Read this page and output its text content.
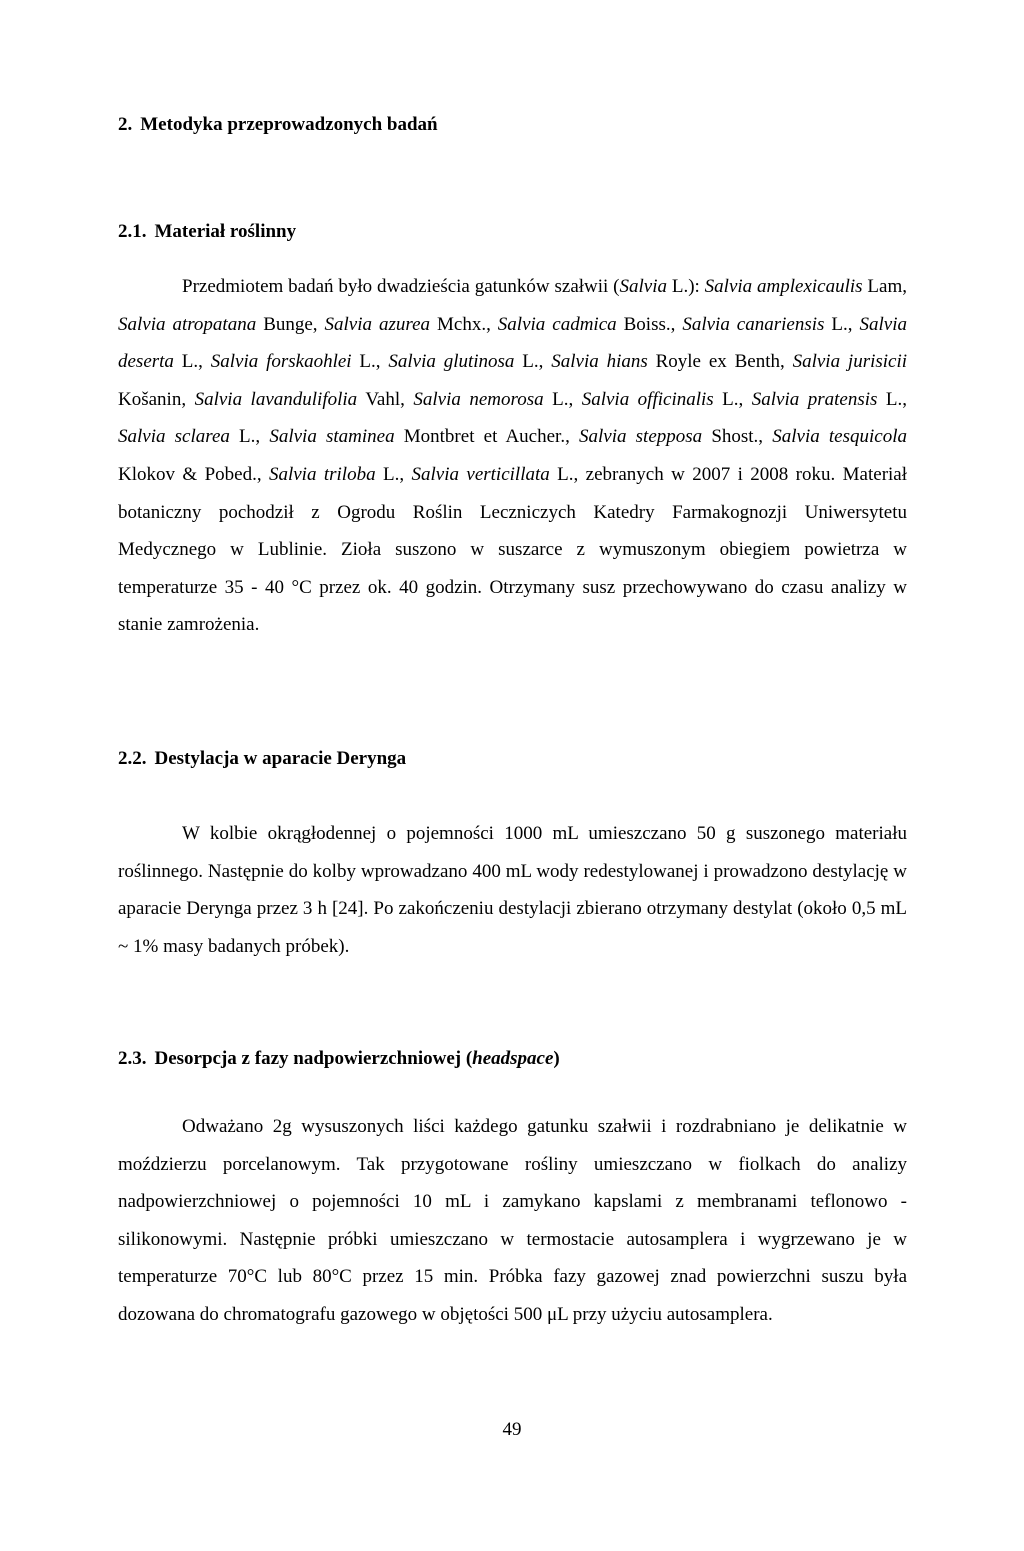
2. Metodyka przeprowadzonych badań
2.1. Materiał roślinny

Przedmiotem badań było dwadzieścia gatunków szałwii (Salvia L.): Salvia amplexicaulis Lam, Salvia atropatana Bunge, Salvia azurea Mchx., Salvia cadmica Boiss., Salvia canariensis L., Salvia deserta L., Salvia forskaohlei L., Salvia glutinosa L., Salvia hians Royle ex Benth, Salvia jurisicii Košanin, Salvia lavandulifolia Vahl, Salvia nemorosa L., Salvia officinalis L., Salvia pratensis L., Salvia sclarea L., Salvia staminea Montbret et Aucher., Salvia stepposa Shost., Salvia tesquicola Klokov & Pobed., Salvia triloba L., Salvia verticillata L., zebranych w 2007 i 2008 roku. Materiał botaniczny pochodził z Ogrodu Roślin Leczniczych Katedry Farmakognozji Uniwersytetu Medycznego w Lublinie. Zioła suszono w suszarce z wymuszonym obiegiem powietrza w temperaturze 35 - 40 °C przez ok. 40 godzin. Otrzymany susz przechowywano do czasu analizy w stanie zamrożenia.

2.2. Destylacja w aparacie Derynga

W kolbie okrągłodennej o pojemności 1000 mL umieszczano 50 g suszonego materiału roślinnego. Następnie do kolby wprowadzano 400 mL wody redestylowanej i prowadzono destylację w aparacie Derynga przez 3 h [24]. Po zakończeniu destylacji zbierano otrzymany destylat (około 0,5 mL ~ 1% masy badanych próbek).

2.3. Desorpcja z fazy nadpowierzchniowej (headspace)

Odważano 2g wysuszonych liści każdego gatunku szałwii i rozdrabniano je delikatnie w moździerzu porcelanowym. Tak przygotowane rośliny umieszczano w fiolkach do analizy nadpowierzchniowej o pojemności 10 mL i zamykano kapslami z membranami teflonowo - silikonowymi. Następnie próbki umieszczano w termostacie autosamplera i wygrzewano je w temperaturze 70°C lub 80°C przez 15 min. Próbka fazy gazowej znad powierzchni suszu była dozowana do chromatografu gazowego w objętości 500 μL przy użyciu autosamplera.

49
